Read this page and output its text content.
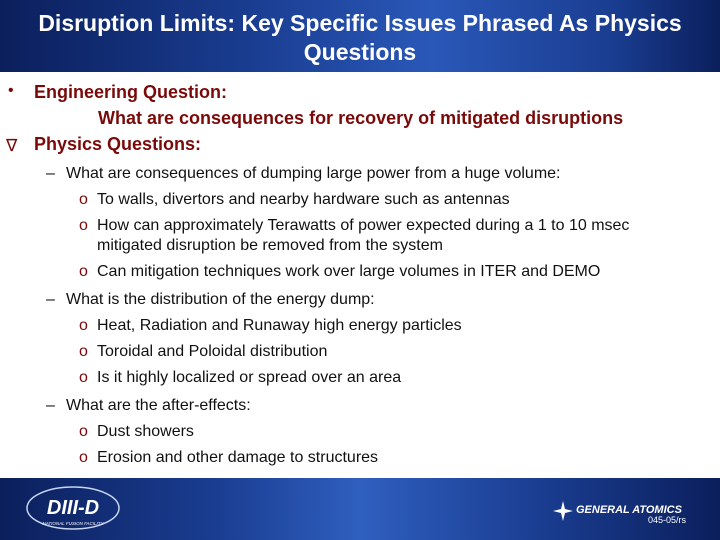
Disruption Limits: Key Specific Issues Phrased As Physics Questions
• Engineering Question:
What are consequences for recovery of mitigated disruptions
∇ Physics Questions:
– What are consequences of dumping large power from a huge volume:
o To walls, divertors and nearby hardware such as antennas
o How can approximately Terawatts of power expected during a 1 to 10 msec
mitigated disruption be removed from the system
o Can mitigation techniques work over large volumes in ITER and DEMO
– What is the distribution of the energy dump:
o Heat, Radiation and Runaway high energy particles
o Toroidal and Poloidal distribution
o Is it highly localized or spread over an area
– What are the after-effects:
o Dust showers
o Erosion and other damage to structures
DIII-D
NATIONAL FUSION FACILITY
GENERAL ATOMICS
045-05/rs
